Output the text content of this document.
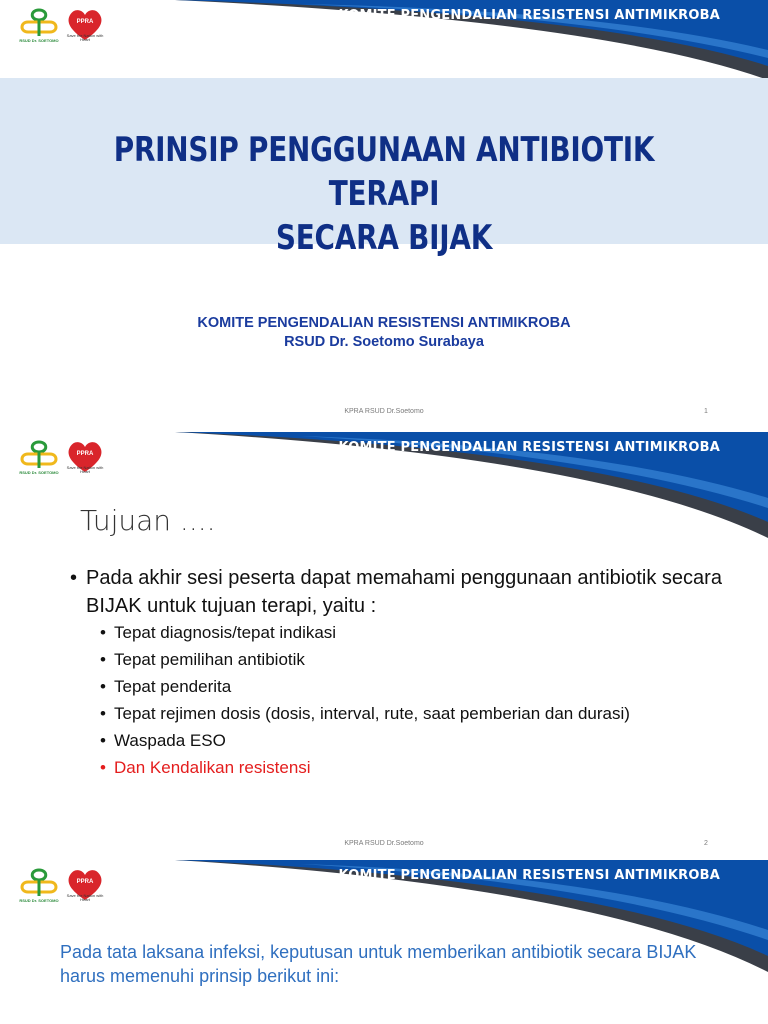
KOMITE PENGENDALIAN RESISTENSI ANTIMIKROBA
RSUD Dr. SOETOMO
PPRA
Save the Nation with Heart
PRINSIP PENGGUNAAN ANTIBIOTIK TERAPI
SECARA BIJAK
KOMITE PENGENDALIAN RESISTENSI ANTIMIKROBA
RSUD Dr. Soetomo Surabaya
KPRA RSUD Dr.Soetomo	1
KOMITE PENGENDALIAN RESISTENSI ANTIMIKROBA
RSUD Dr. SOETOMO
PPRA
Save the Nation with Heart
Tujuan ....
• Pada akhir sesi peserta dapat memahami penggunaan antibiotik secara BIJAK untuk tujuan terapi, yaitu :
• Tepat diagnosis/tepat indikasi
• Tepat pemilihan antibiotik
• Tepat penderita
• Tepat rejimen dosis (dosis, interval, rute, saat pemberian dan durasi)
• Waspada ESO
• Dan Kendalikan resistensi
KPRA RSUD Dr.Soetomo	2
KOMITE PENGENDALIAN RESISTENSI ANTIMIKROBA
RSUD Dr. SOETOMO
PPRA
Save the Nation with Heart
Pada tata laksana infeksi, keputusan untuk memberikan antibiotik secara BIJAK harus memenuhi prinsip berikut ini:
